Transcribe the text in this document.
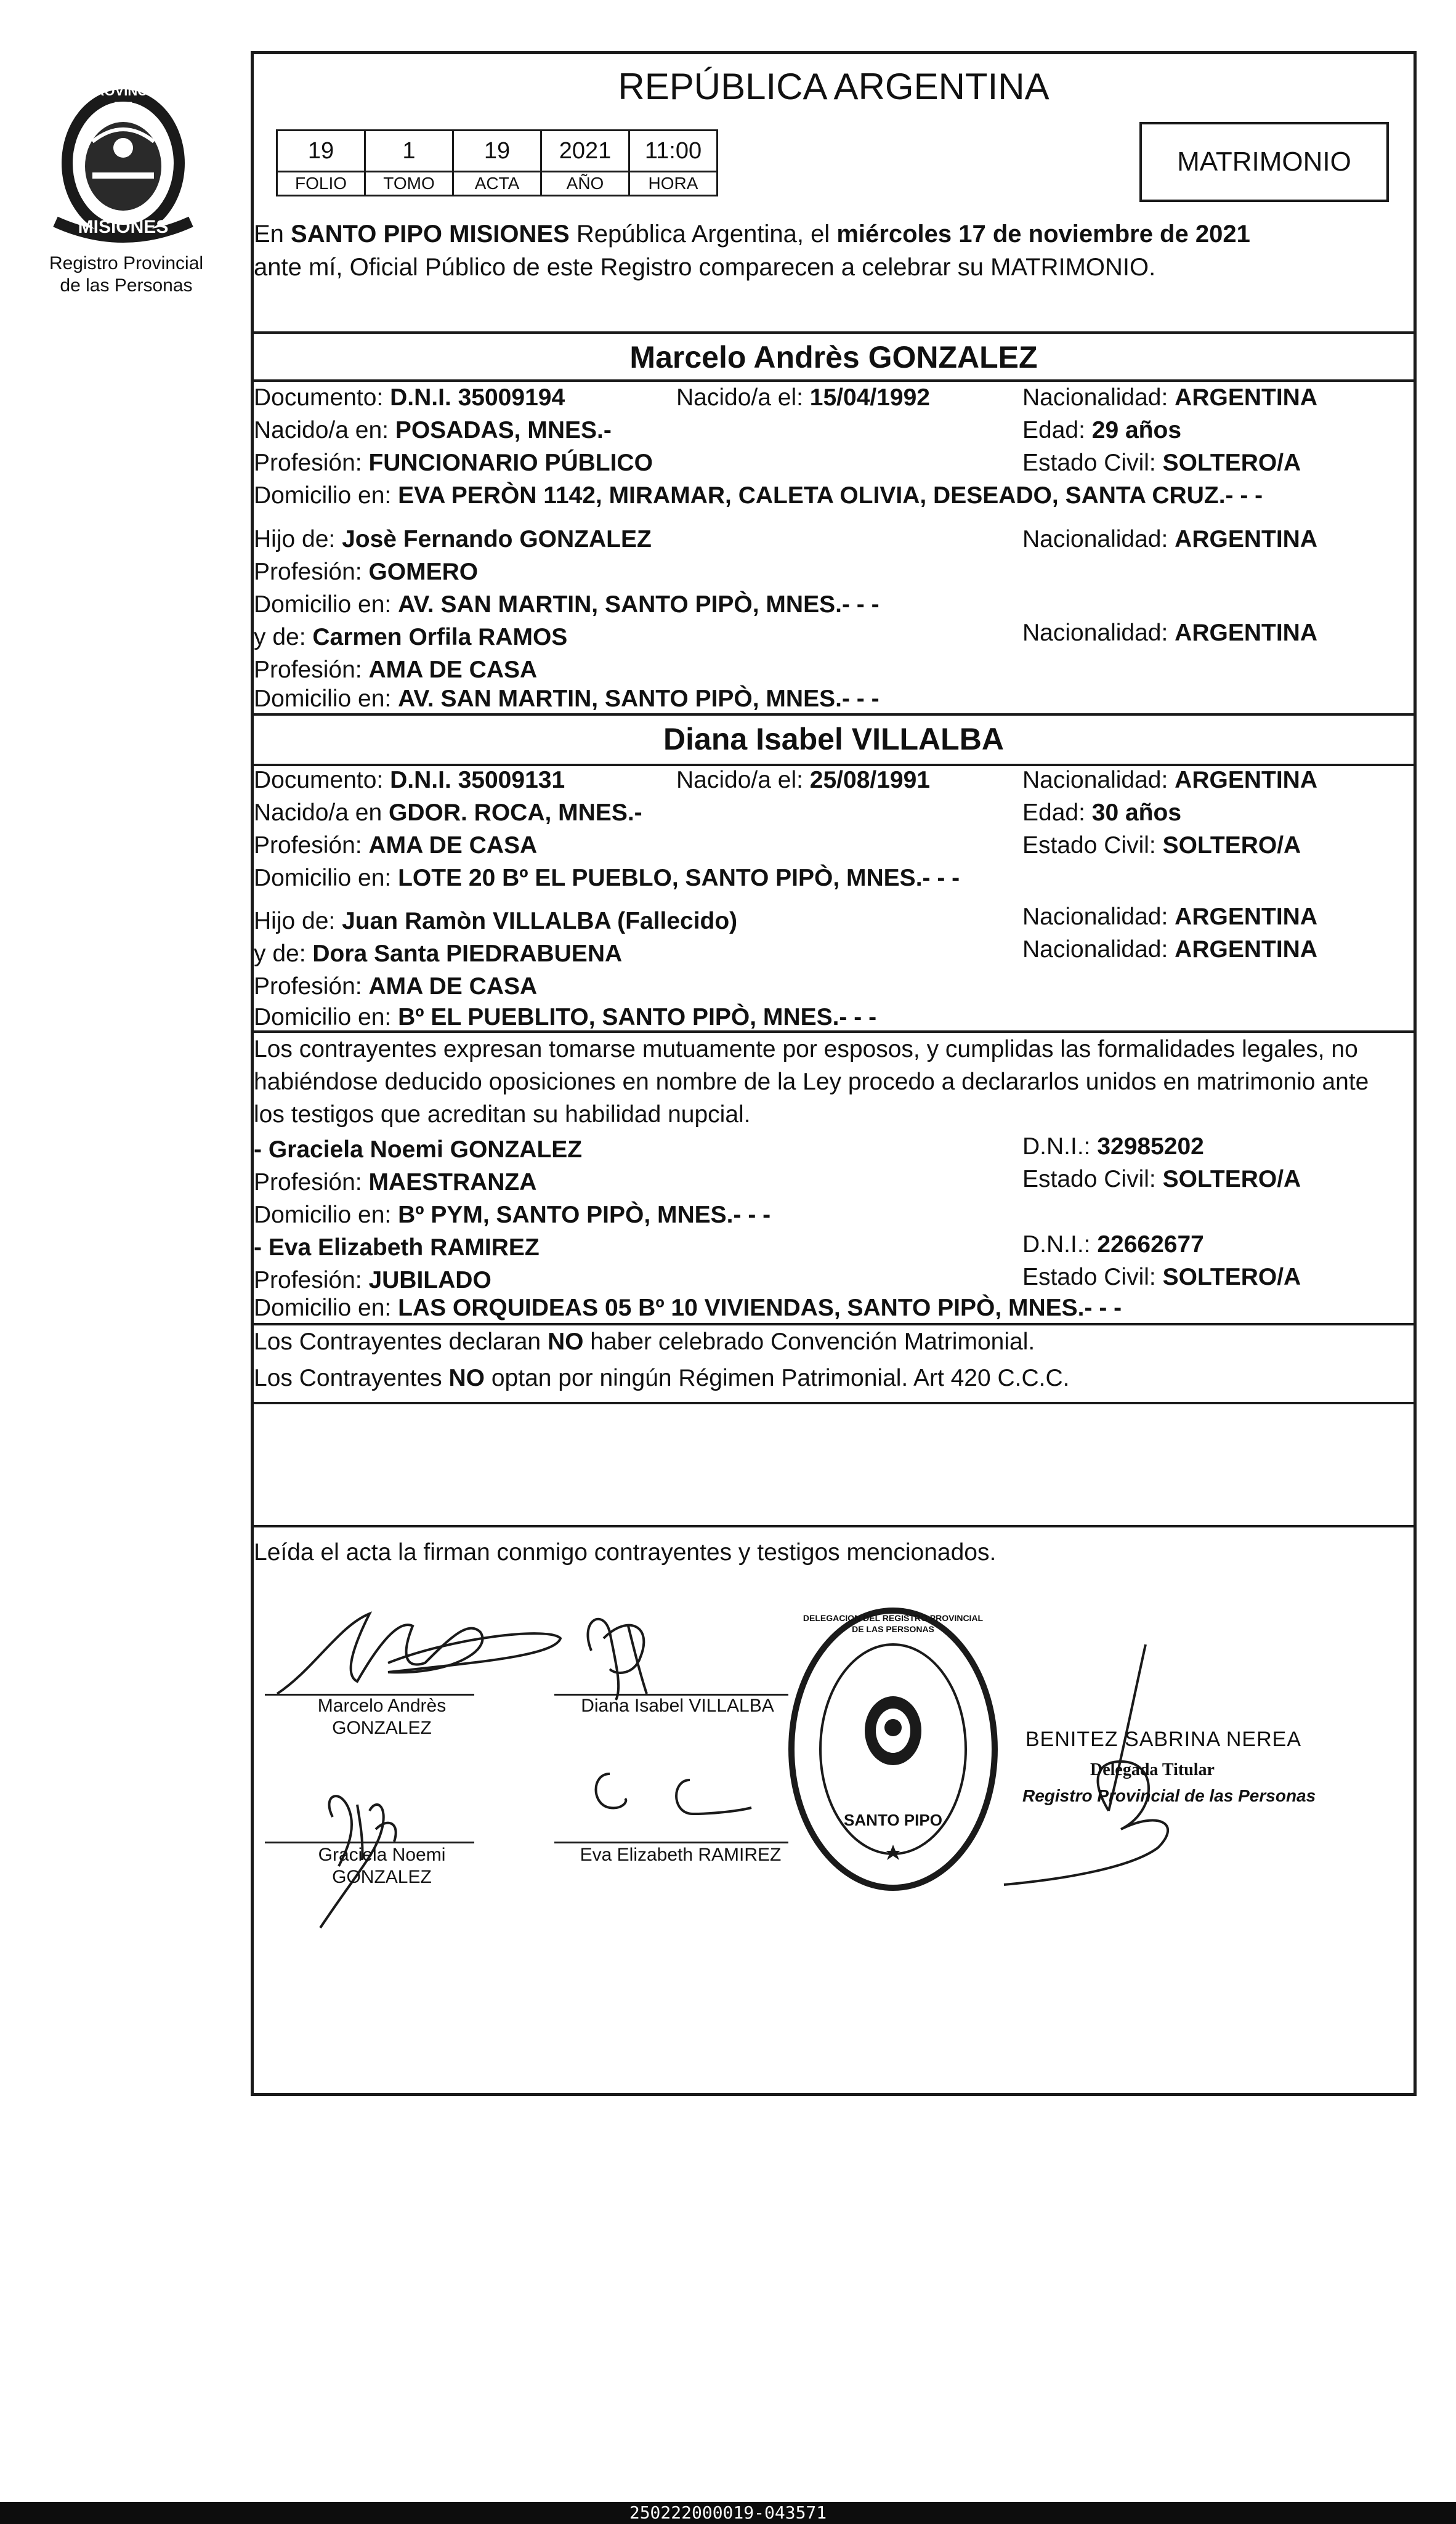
PROVINCIA DE
MISIONES
Registro Provincial
de las Personas
REPÚBLICA ARGENTINA
19	1	19	2021	11:00
FOLIO	TOMO	ACTA	AÑO	HORA
MATRIMONIO
En SANTO PIPO MISIONES República Argentina, el miércoles 17 de noviembre de 2021
ante mí, Oficial Público de este Registro comparecen a celebrar su MATRIMONIO.
Marcelo Andrès GONZALEZ
Documento: D.N.I. 35009194	Nacido/a el: 15/04/1992	Nacionalidad: ARGENTINA
Nacido/a en: POSADAS, MNES.-	Edad: 29 años
Profesión: FUNCIONARIO PÚBLICO	Estado Civil: SOLTERO/A
Domicilio en: EVA PERÒN 1142, MIRAMAR, CALETA OLIVIA, DESEADO, SANTA CRUZ.- - -
Hijo de: Josè Fernando GONZALEZ	Nacionalidad: ARGENTINA
Profesión: GOMERO
Domicilio en: AV. SAN MARTIN, SANTO PIPÒ, MNES.- - -
y de: Carmen Orfila RAMOS	Nacionalidad: ARGENTINA
Profesión: AMA DE CASA
Domicilio en: AV. SAN MARTIN, SANTO PIPÒ, MNES.- - -
Diana Isabel VILLALBA
Documento: D.N.I. 35009131	Nacido/a el: 25/08/1991	Nacionalidad: ARGENTINA
Nacido/a en GDOR. ROCA, MNES.-	Edad: 30 años
Profesión: AMA DE CASA	Estado Civil: SOLTERO/A
Domicilio en: LOTE 20 Bº EL PUEBLO, SANTO PIPÒ, MNES.- - -
Hijo de: Juan Ramòn VILLALBA (Fallecido)	Nacionalidad: ARGENTINA
y de: Dora Santa PIEDRABUENA	Nacionalidad: ARGENTINA
Profesión: AMA DE CASA
Domicilio en: Bº EL PUEBLITO, SANTO PIPÒ, MNES.- - -
Los contrayentes expresan tomarse mutuamente por esposos, y cumplidas las formalidades legales, no
habiéndose deducido oposiciones en nombre de la Ley procedo a declararlos unidos en matrimonio ante
los testigos que acreditan su habilidad nupcial.
- Graciela Noemi GONZALEZ	D.N.I.: 32985202
Profesión: MAESTRANZA	Estado Civil: SOLTERO/A
Domicilio en: Bº PYM, SANTO PIPÒ, MNES.- - -
- Eva Elizabeth RAMIREZ	D.N.I.: 22662677
Profesión: JUBILADO	Estado Civil: SOLTERO/A
Domicilio en: LAS ORQUIDEAS 05 Bº 10 VIVIENDAS, SANTO PIPÒ, MNES.- - -
Los Contrayentes declaran NO haber celebrado Convención Matrimonial.
Los Contrayentes NO optan por ningún Régimen Patrimonial. Art 420 C.C.C.
Leída el acta la firman conmigo contrayentes y testigos mencionados.
Marcelo Andrès
GONZALEZ
Diana Isabel VILLALBA
Graciela Noemi
GONZALEZ
Eva Elizabeth RAMIREZ
DELEGACION DEL REGISTRO PROVINCIAL DE LAS PERSONAS
SANTO PIPO
BENITEZ SABRINA NEREA
Delegada Titular
Registro Provincial de las Personas
250222000019-043571
